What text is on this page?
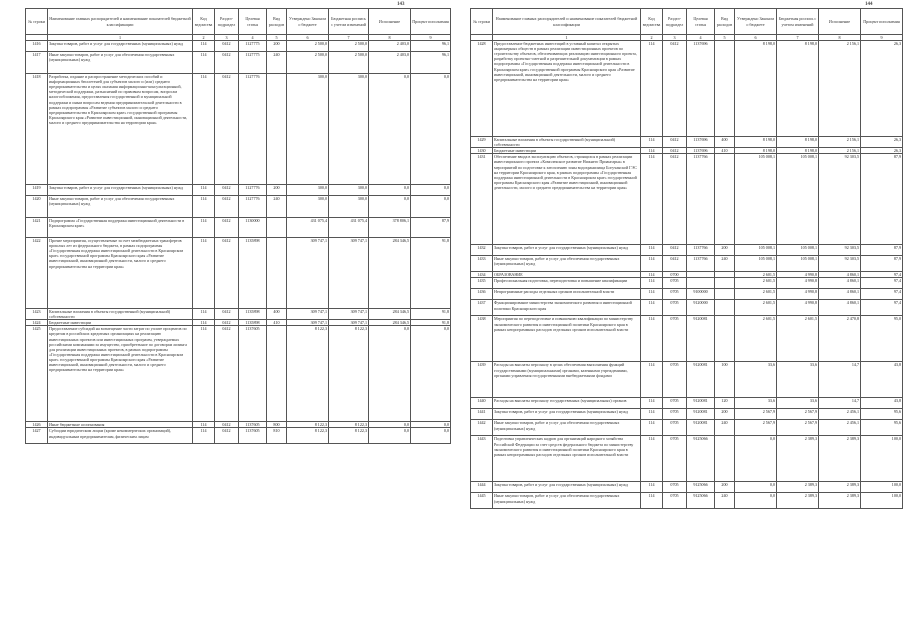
143
№ строки	Наименование главных распорядителей и наименование показателей бюджетной классификации	Код ведомства	Раздел-подраздел	Целевая статья	Вид расходов	Утверждено Законом о бюджете	Бюджетная роспись с учетом изменений	Исполнение	Процент исполнения
	1	2	3	4	5	6	7	8	9
1416	Закупка товаров, работ и услуг для государственных (муниципальных) нужд	114	0412	1127775	200	2 500,0	2 500,0	2 403,0	96,1
1417	Иные закупки товаров, работ и услуг для обеспечения государственных (муниципальных) нужд	114	0412	1127775	240	2 500,0	2 500,0	2 403,0	96,1
1418	Разработка, издание и распространение методических пособий и информационных бюллетеней для субъектов малого и (или) среднего предпринимательства и целях оказания информационно-консультационной, методической поддержки, разъяснений по правовым вопросам, вопросам налогообложения, предоставления государственной и муниципальной поддержки и иным вопросам ведения предпринимательской деятельности в рамках подпрограммы «Развитие субъектов малого и среднего предпринимательства в Красноярском крае» государственной программы Красноярского края «Развитие инвестиционной, инновационной деятельности, малого и среднего предпринимательства на территории края»	114	0412	1127776		300,0	300,0	0,0	0,0
1419	Закупка товаров, работ и услуг для государственных (муниципальных) нужд	114	0412	1127776	200	300,0	300,0	0,0	0,0
1420	Иные закупки товаров, работ и услуг для обеспечения государственных (муниципальных) нужд	114	0412	1127776	240	300,0	300,0	0,0	0,0
1421	Подпрограмма «Государственная поддержка инвестиционной деятельности в Красноярском крае»	114	0412	1130000		431 075,4	431 075,4	378 806,1	87,9
1422	Прочие мероприятия, осуществляемые за счет межбюджетных трансфертов прошлых лет из федерального бюджета, в рамках подпрограммы «Государственная поддержка инвестиционной деятельности в Красноярском крае» государственной программы Красноярского края «Развитие инвестиционной, инновационной деятельности, малого и среднего предпринимательства на территории края»	114	0412	1135898		309 747,1	309 747,1	284 346,5	91,8
1423	Капитальные вложения в объекты государственной (муниципальной) собственности	114	0412	1135898	400	309 747,1	309 747,1	284 346,5	91,8
1424	Бюджетные инвестиции	114	0412	1135898	410	309 747,1	309 747,1	284 346,5	91,8
1425	Предоставление субсидий на возмещение части затрат по уплате процентов по кредитам в российских кредитных организациях на реализацию инвестиционных проектов или инвестиционных программ, утверждаемых российскими компаниями за имущество, приобретенное по договорам лизинга для реализации инвестиционных проектов, в рамках подпрограммы «Государственная поддержка инвестиционной деятельности в Красноярском крае» государственной программы Красноярского края «Развитие инвестиционной, инновационной деятельности, малого и среднего предпринимательства на территории края»	114	0412	1137605		8 122,3	8 122,3	0,0	0,0
1426	Иные бюджетные ассигнования	114	0412	1137605	800	8 122,3	8 122,3	0,0	0,0
1427	Субсидии юридическим лицам (кроме некоммерческих организаций), индивидуальным предпринимателям, физическим лицам	114	0412	1137605	810	8 122,3	8 122,3	0,0	0,0
144
№ строки	Наименование главных распорядителей и наименование показателей бюджетной классификации	Код ведомства	Раздел-подраздел	Целевая статья	Вид расходов	Утверждено Законом о бюджете	Бюджетная роспись с учетом изменений	Исполнение	Процент исполнения
	1	2	3	4	5	6	7	8	9
1428	Предоставление бюджетных инвестиций в уставный капитал открытых акционерных обществ в рамках реализации инвестиционных проектов по строительству объектов, обеспечивающих реализацию инвестиционного проекта, разработку проектно-сметной и разрешительной документации в рамках подпрограммы «Государственная поддержка инвестиционной деятельности в Красноярском крае» государственной программы Красноярского края «Развитие инвестиционной, инновационной деятельности, малого и среднего предпринимательства на территории края»	114	0412	1137696		8 198,0	8 198,0	2 156,1	26,3
1429	Капитальные вложения в объекты государственной (муниципальной) собственности	114	0412	1137696	400	8 198,0	8 198,0	2 156,1	26,3
1430	Бюджетные инвестиции	114	0412	1137696	410	8 198,0	8 198,0	2 156,1	26,3
1431	Обеспечение ввода в эксплуатацию объектов, строящихся в рамках реализации инвестиционного проекта «Комплексное развитие Нижнего Приангарья» в мероприятий по подготовке к затоплению зоны водохранилища Богучанской ГЭС на территории Красноярского края, в рамках подпрограммы «Государственная поддержка инвестиционной деятельности в Красноярском крае» государственной программы Красноярского края «Развитие инвестиционной, инновационной деятельности, малого и среднего предпринимательства на территории края»	114	0412	1137766		105 008,1	105 008,1	92 303,5	87,9
1432	Закупка товаров, работ и услуг для государственных (муниципальных) нужд	114	0412	1137766	200	105 008,1	105 008,1	92 303,5	87,9
1433	Иные закупки товаров, работ и услуг для обеспечения государственных (муниципальных) нужд	114	0412	1137766	240	105 008,1	105 008,1	92 303,5	87,9
1434	ОБРАЗОВАНИЕ	114	0700			2 601,5	4 990,8	4 860,1	97,4
1435	Профессиональная подготовка, переподготовка и повышение квалификации	114	0705			2 601,5	4 990,8	4 860,1	97,4
1436	Непрограммные расходы отдельных органов исполнительной власти	114	0705	9100000		2 601,5	4 990,8	4 860,1	97,4
1437	Функционирование министерства экономического развития и инвестиционной политики Красноярского края	114	0705	9120000		2 601,5	4 990,8	4 860,1	97,4
1438	Мероприятия по переподготовке и повышению квалификации по министерству экономического развития и инвестиционной политики Красноярского края в рамках непрограммных расходов отдельных органов исполнительной власти	114	0705	9120081		2 601,5	2 601,5	2 470,8	95,0
1439	Расходы на выплаты персоналу в целях обеспечения выполнения функций государственными (муниципальными) органами, казенными учреждениями, органами управления государственными внебюджетными фондами	114	0705	9120081	100	33,6	33,6	14,7	43,8
1440	Расходы на выплаты персоналу государственных (муниципальных) органов	114	0705	9120081	120	33,6	33,6	14,7	43,8
1441	Закупка товаров, работ и услуг для государственных (муниципальных) нужд	114	0705	9120081	200	2 567,9	2 567,9	2 456,1	95,6
1442	Иные закупки товаров, работ и услуг для обеспечения государственных (муниципальных) нужд	114	0705	9120081	240	2 567,9	2 567,9	2 456,1	95,6
1443	Подготовка управленческих кадров для организаций народного хозяйства Российской Федерации за счет средств федерального бюджета по министерству экономического развития и инвестиционной политики Красноярского края в рамках непрограммных расходов отдельных органов исполнительной власти	114	0705	9125066		0,0	2 389,3	2 389,3	100,0
1444	Закупка товаров, работ и услуг для государственных (муниципальных) нужд	114	0705	9125066	200	0,0	2 389,3	2 389,3	100,0
1445	Иные закупки товаров, работ и услуг для обеспечения государственных (муниципальных) нужд	114	0705	9125066	240	0,0	2 389,3	2 389,3	100,0
